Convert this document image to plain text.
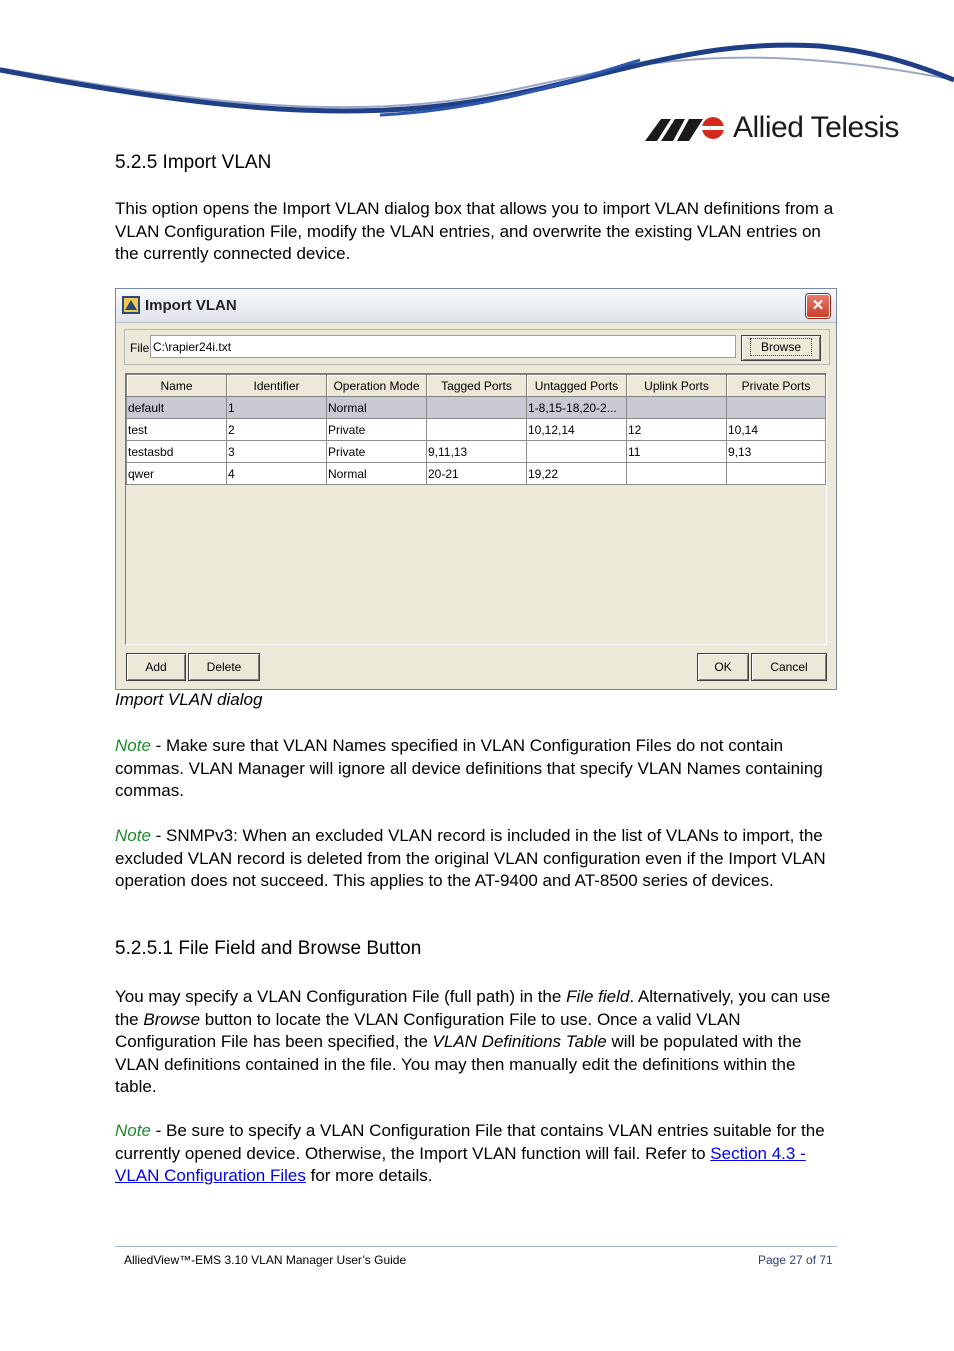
Allied Telesis
5.2.5 Import VLAN
This option opens the Import VLAN dialog box that allows you to import VLAN definitions from a VLAN Configuration File, modify the VLAN entries, and overwrite the existing VLAN entries on the currently connected device.
Import VLAN	✕
File C:\rapier24i.txt	Browse
Name	Identifier	Operation Mode	Tagged Ports	Untagged Ports	Uplink Ports	Private Ports
default	1	Normal		1-8,15-18,20-2...		
test	2	Private		10,12,14	12	10,14
testasbd	3	Private	9,11,13		11	9,13
qwer	4	Normal	20-21	19,22		
Add	Delete	OK	Cancel
Import VLAN dialog
Note - Make sure that VLAN Names specified in VLAN Configuration Files do not contain commas. VLAN Manager will ignore all device definitions that specify VLAN Names containing commas.
Note - SNMPv3: When an excluded VLAN record is included in the list of VLANs to import, the excluded VLAN record is deleted from the original VLAN configuration even if the Import VLAN operation does not succeed. This applies to the AT-9400 and AT-8500 series of devices.
5.2.5.1 File Field and Browse Button
You may specify a VLAN Configuration File (full path) in the File field. Alternatively, you can use the Browse button to locate the VLAN Configuration File to use. Once a valid VLAN Configuration File has been specified, the VLAN Definitions Table will be populated with the VLAN definitions contained in the file. You may then manually edit the definitions within the table.
Note - Be sure to specify a VLAN Configuration File that contains VLAN entries suitable for the currently opened device. Otherwise, the Import VLAN function will fail. Refer to Section 4.3 - VLAN Configuration Files for more details.
AlliedView™-EMS 3.10 VLAN Manager User’s Guide	Page 27 of 71
